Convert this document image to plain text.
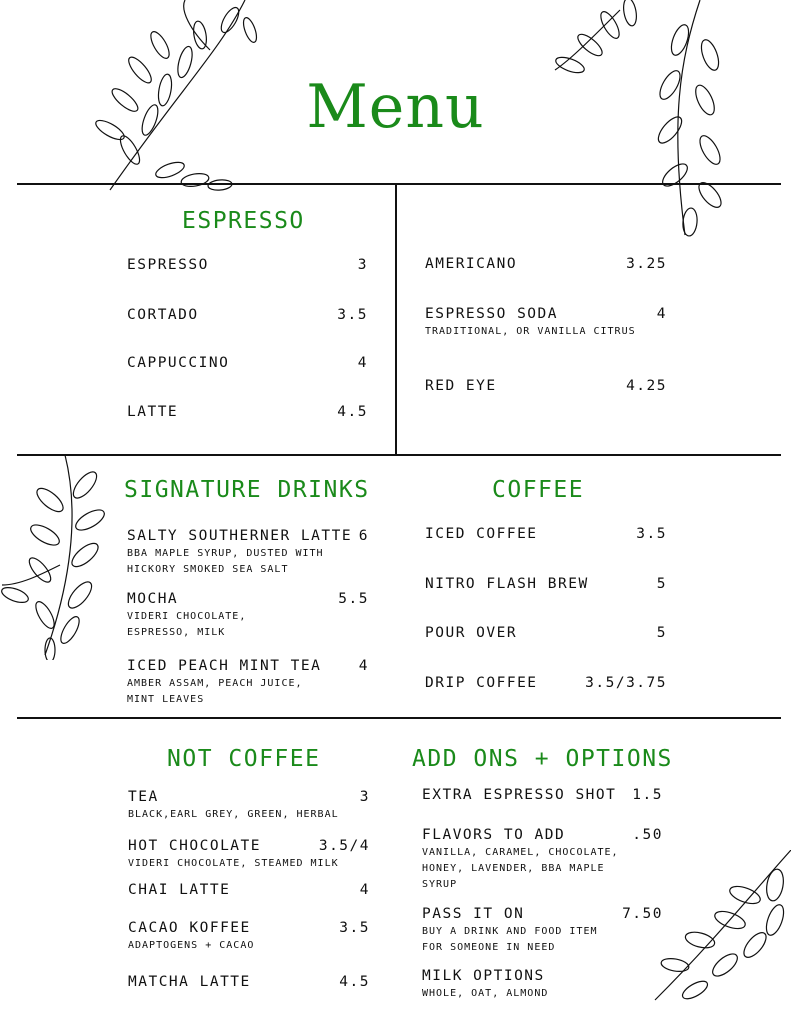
Menu
ESPRESSO
ESPRESSO	3
CORTADO	3.5
CAPPUCCINO	4
LATTE	4.5
AMERICANO	3.25
ESPRESSO SODA	4
TRADITIONAL, OR VANILLA CITRUS
RED EYE	4.25
SIGNATURE DRINKS
SALTY SOUTHERNER LATTE 6
BBA MAPLE SYRUP, DUSTED WITH HICKORY SMOKED SEA SALT
MOCHA	5.5
VIDERI CHOCOLATE, ESPRESSO, MILK
ICED PEACH MINT TEA	4
AMBER ASSAM, PEACH JUICE, MINT LEAVES
COFFEE
ICED COFFEE	3.5
NITRO FLASH BREW	5
POUR OVER	5
DRIP COFFEE	3.5/3.75
NOT COFFEE
TEA	3
BLACK,EARL GREY, GREEN, HERBAL
HOT CHOCOLATE	3.5/4
VIDERI CHOCOLATE, STEAMED MILK
CHAI LATTE	4
CACAO KOFFEE	3.5
ADAPTOGENS + CACAO
MATCHA LATTE	4.5
ADD ONS + OPTIONS
EXTRA ESPRESSO SHOT 1.5
FLAVORS TO ADD	.50
VANILLA, CARAMEL, CHOCOLATE, HONEY, LAVENDER, BBA MAPLE SYRUP
PASS IT ON	7.50
BUY A DRINK AND FOOD ITEM FOR SOMEONE IN NEED
MILK OPTIONS
WHOLE, OAT, ALMOND
